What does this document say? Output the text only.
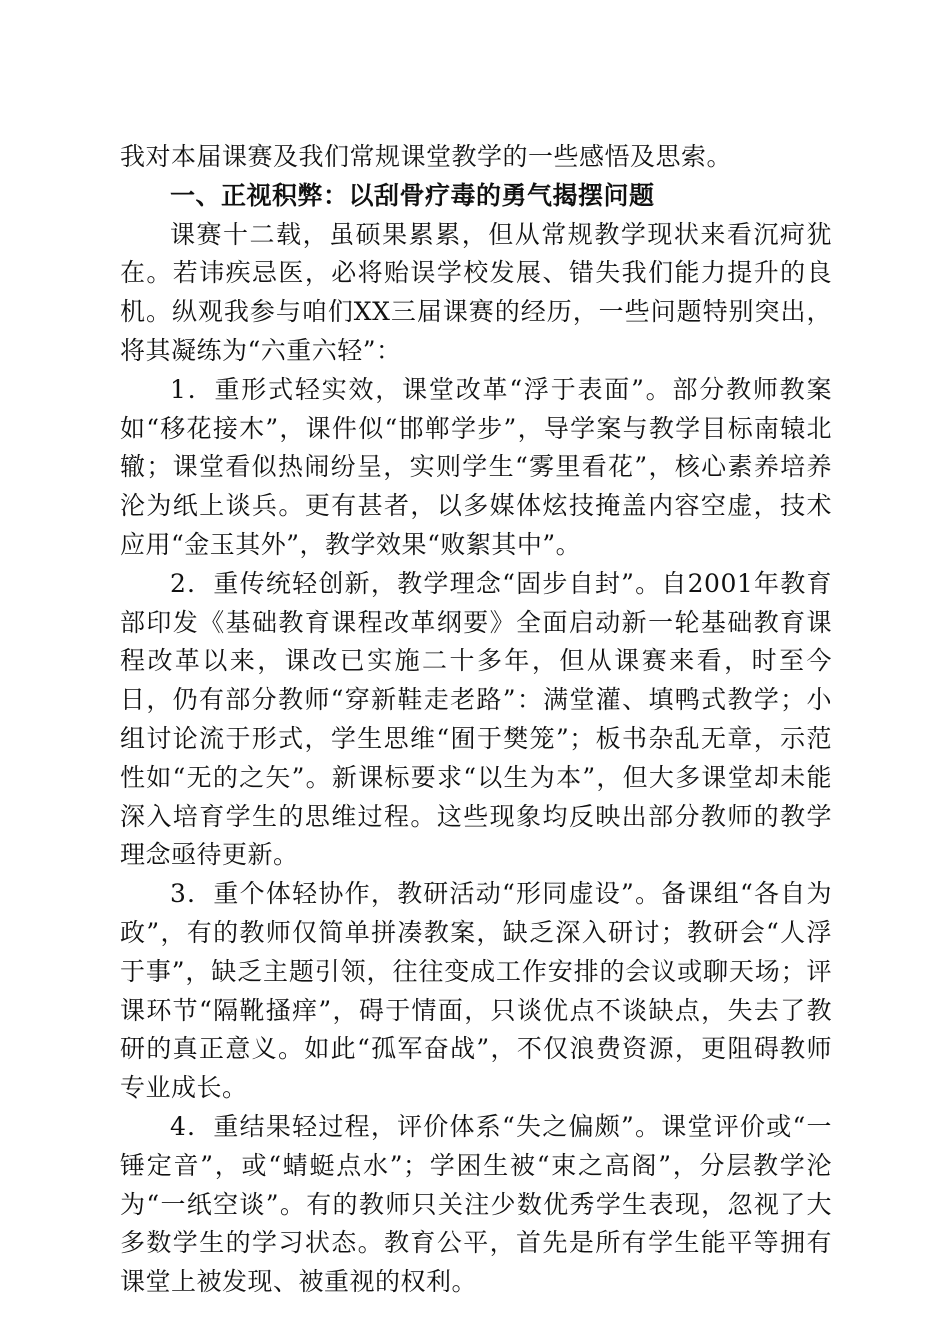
我对本届课赛及我们常规课堂教学的一些感悟及思索。

一、正视积弊：以刮骨疗毒的勇气揭摆问题

课赛十二载，虽硕果累累，但从常规教学现状来看沉疴犹在。若讳疾忌医，必将贻误学校发展、错失我们能力提升的良机。纵观我参与咱们XX三届课赛的经历，一些问题特别突出，将其凝练为“六重六轻”：

1．重形式轻实效，课堂改革“浮于表面”。部分教师教案如“移花接木”，课件似“邯郸学步”，导学案与教学目标南辕北辙；课堂看似热闹纷呈，实则学生“雾里看花”，核心素养培养沦为纸上谈兵。更有甚者，以多媒体炫技掩盖内容空虚，技术应用“金玉其外”，教学效果“败絮其中”。

2．重传统轻创新，教学理念“固步自封”。自2001年教育部印发《基础教育课程改革纲要》全面启动新一轮基础教育课程改革以来，课改已实施二十多年，但从课赛来看，时至今日，仍有部分教师“穿新鞋走老路”：满堂灌、填鸭式教学；小组讨论流于形式，学生思维“囿于樊笼”；板书杂乱无章，示范性如“无的之矢”。新课标要求“以生为本”，但大多课堂却未能深入培育学生的思维过程。这些现象均反映出部分教师的教学理念亟待更新。

3．重个体轻协作，教研活动“形同虚设”。备课组“各自为政”，有的教师仅简单拼凑教案，缺乏深入研讨；教研会“人浮于事”，缺乏主题引领，往往变成工作安排的会议或聊天场；评课环节“隔靴搔痒”，碍于情面，只谈优点不谈缺点，失去了教研的真正意义。如此“孤军奋战”，不仅浪费资源，更阻碍教师专业成长。

4．重结果轻过程，评价体系“失之偏颇”。课堂评价或“一锤定音”，或“蜻蜓点水”；学困生被“束之高阁”，分层教学沦为“一纸空谈”。有的教师只关注少数优秀学生表现，忽视了大多数学生的学习状态。教育公平，首先是所有学生能平等拥有课堂上被发现、被重视的权利。
